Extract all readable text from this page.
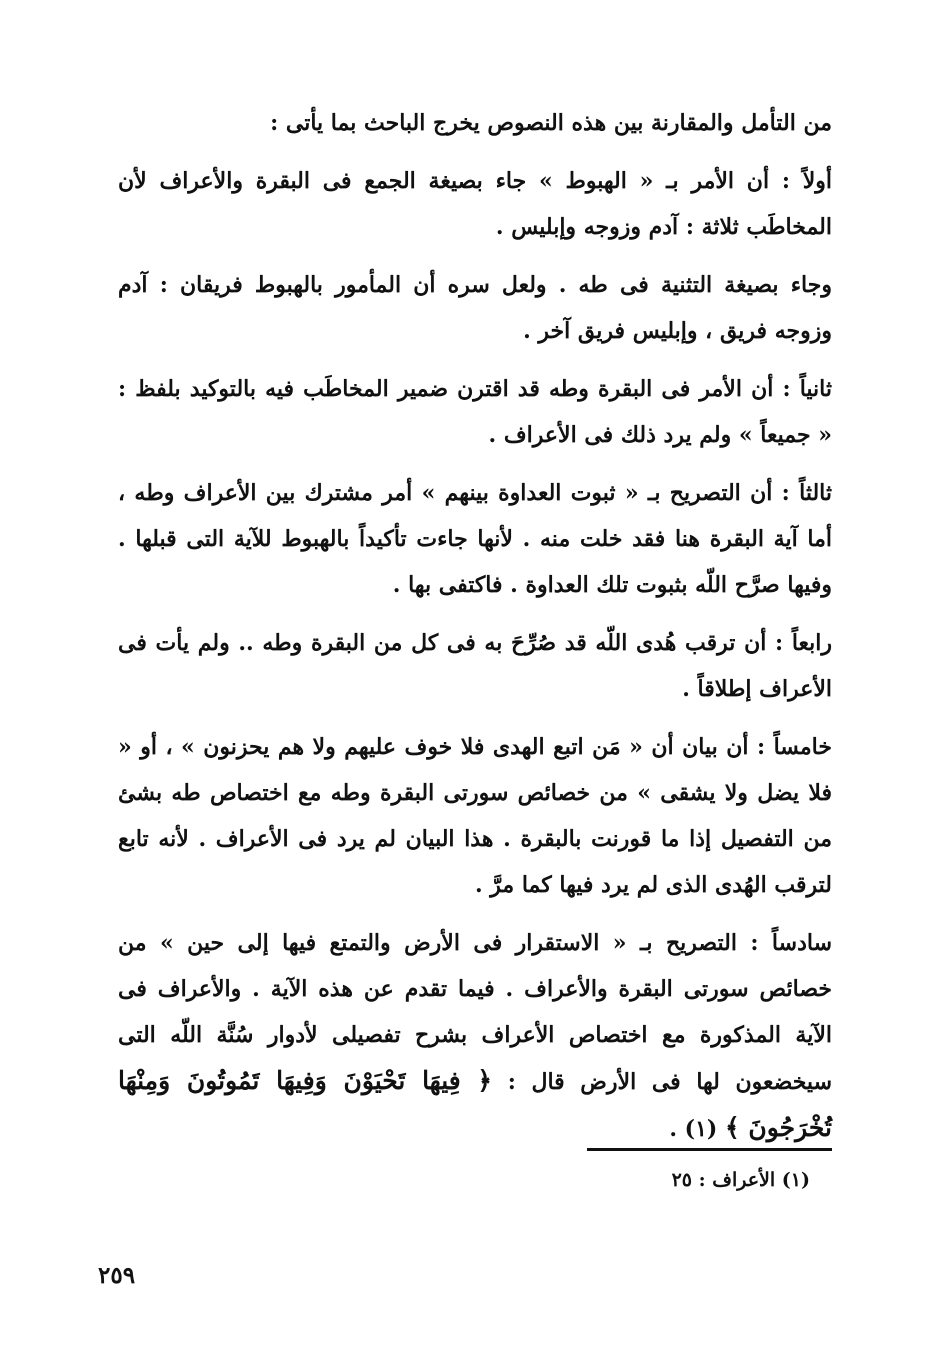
من التأمل والمقارنة بين هذه النصوص يخرج الباحث بما يأتى :

أولاً : أن الأمر بـ « الهبوط » جاء بصيغة الجمع فى البقرة والأعراف لأن المخاطَب ثلاثة : آدم وزوجه وإبليس .

وجاء بصيغة التثنية فى طه . ولعل سره أن المأمور بالهبوط فريقان : آدم وزوجه فريق ، وإبليس فريق آخر .

ثانياً : أن الأمر فى البقرة وطه قد اقترن ضمير المخاطَب فيه بالتوكيد بلفظ : « جميعاً » ولم يرد ذلك فى الأعراف .

ثالثاً : أن التصريح بـ « ثبوت العداوة بينهم » أمر مشترك بين الأعراف وطه ، أما آية البقرة هنا فقد خلت منه . لأنها جاءت تأكيداً بالهبوط للآية التى قبلها . وفيها صرَّح اللّه بثبوت تلك العداوة . فاكتفى بها .

رابعاً : أن ترقب هُدى اللّه قد صُرِّحَ به فى كل من البقرة وطه .. ولم يأت فى الأعراف إطلاقاً .

خامساً : أن بيان أن « مَن اتبع الهدى فلا خوف عليهم ولا هم يحزنون » ، أو « فلا يضل ولا يشقى » من خصائص سورتى البقرة وطه مع اختصاص طه بشئ من التفصيل إذا ما قورنت بالبقرة . هذا البيان لم يرد فى الأعراف . لأنه تابع لترقب الهُدى الذى لم يرد فيها كما مرَّ .

سادساً : التصريح بـ « الاستقرار فى الأرض والتمتع فيها إلى حين » من خصائص سورتى البقرة والأعراف . فيما تقدم عن هذه الآية . والأعراف فى الآية المذكورة مع اختصاص الأعراف بشرح تفصيلى لأدوار سُنَّة اللّه التى سيخضعون لها فى الأرض قال : ﴿ فِيهَا تَحْيَوْنَ وَفِيهَا تَمُوتُونَ وَمِنْهَا تُخْرَجُونَ ﴾ (١) .

(١) الأعراف : ٢٥
٢٥٩
